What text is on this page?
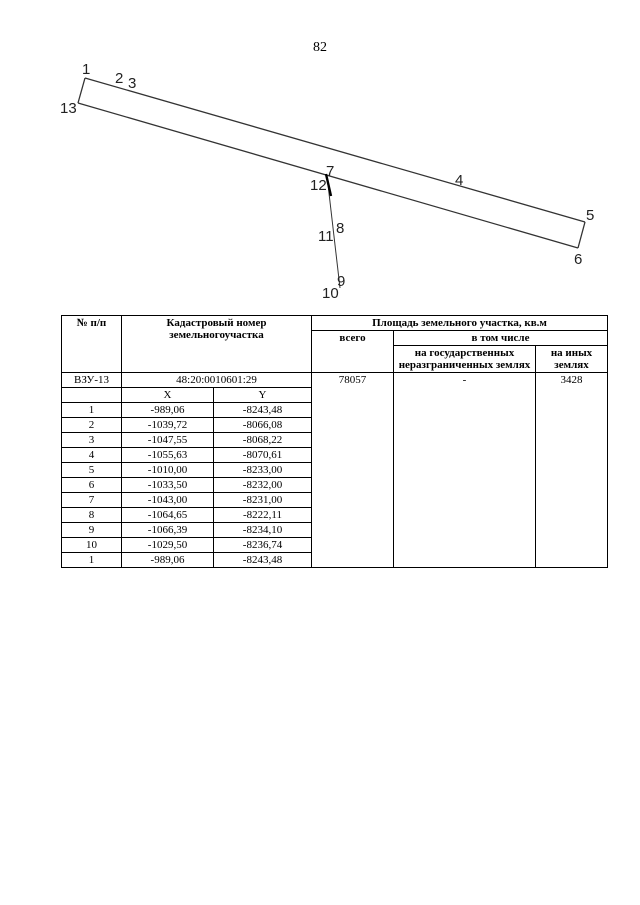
82
1
2 3
13
4
5
6
7
12
8
11
9
10
№ п/п	Кадастровый номер земельногоучастка		Площадь земельного участка, кв.м		
			всего	в том числе	
				на государственных неразграниченных землях	на иных землях
ВЗУ-13	48:20:0010601:29		78057	-	3428
	X	Y			
1	-989,06	-8243,48			
2	-1039,72	-8066,08			
3	-1047,55	-8068,22			
4	-1055,63	-8070,61			
5	-1010,00	-8233,00			
6	-1033,50	-8232,00			
7	-1043,00	-8231,00			
8	-1064,65	-8222,11			
9	-1066,39	-8234,10			
10	-1029,50	-8236,74			
1	-989,06	-8243,48			
